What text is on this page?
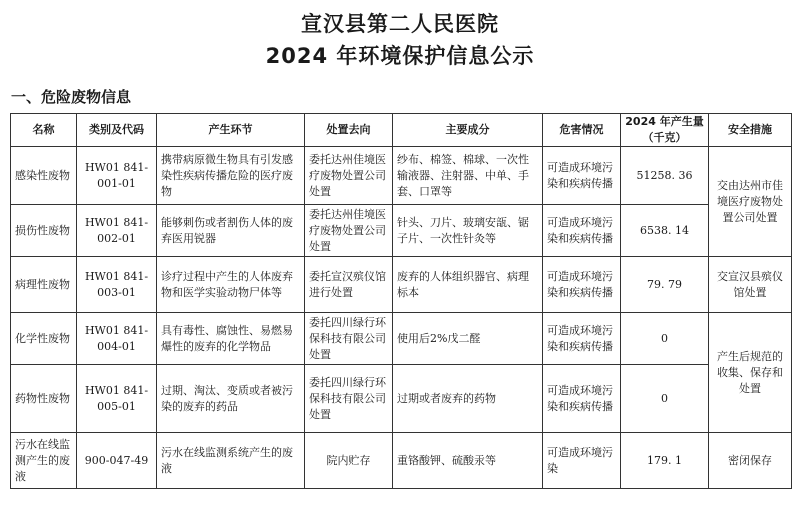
宣汉县第二人民医院
2024 年环境保护信息公示
一、危险废物信息
名称	类别及代码	产生环节	处置去向	主要成分	危害情况	2024 年产生量（千克）	安全措施
感染性废物	HW01 841-001-01	携带病原微生物具有引发感染性疾病传播危险的医疗废物	委托达州佳境医疗废物处置公司处置	纱布、棉签、棉球、一次性输液器、注射器、中单、手套、口罩等	可造成环境污染和疾病传播	51258. 36	交由达州市佳境医疗废物处置公司处置
损伤性废物	HW01 841-002-01	能够刺伤或者割伤人体的废弃医用锐器	委托达州佳境医疗废物处置公司处置	针头、刀片、玻璃安瓿、锯子片、一次性针灸等	可造成环境污染和疾病传播	6538. 14	
病理性废物	HW01 841-003-01	诊疗过程中产生的人体废弃物和医学实验动物尸体等	委托宣汉殡仪馆进行处置	废弃的人体组织器官、病理标本	可造成环境污染和疾病传播	79. 79	交宣汉县殡仪馆处置
化学性废物	HW01 841-004-01	具有毒性、腐蚀性、易燃易爆性的废弃的化学物品	委托四川绿行环保科技有限公司处置	使用后2%戊二醛	可造成环境污染和疾病传播	0	产生后规范的收集、保存和处置
药物性废物	HW01 841-005-01	过期、淘汰、变质或者被污染的废弃的药品	委托四川绿行环保科技有限公司处置	过期或者废弃的药物	可造成环境污染和疾病传播	0	
污水在线监测产生的废液	900-047-49	污水在线监测系统产生的废液	院内贮存	重铬酸钾、硫酸汞等	可造成环境污染	179. 1	密闭保存
